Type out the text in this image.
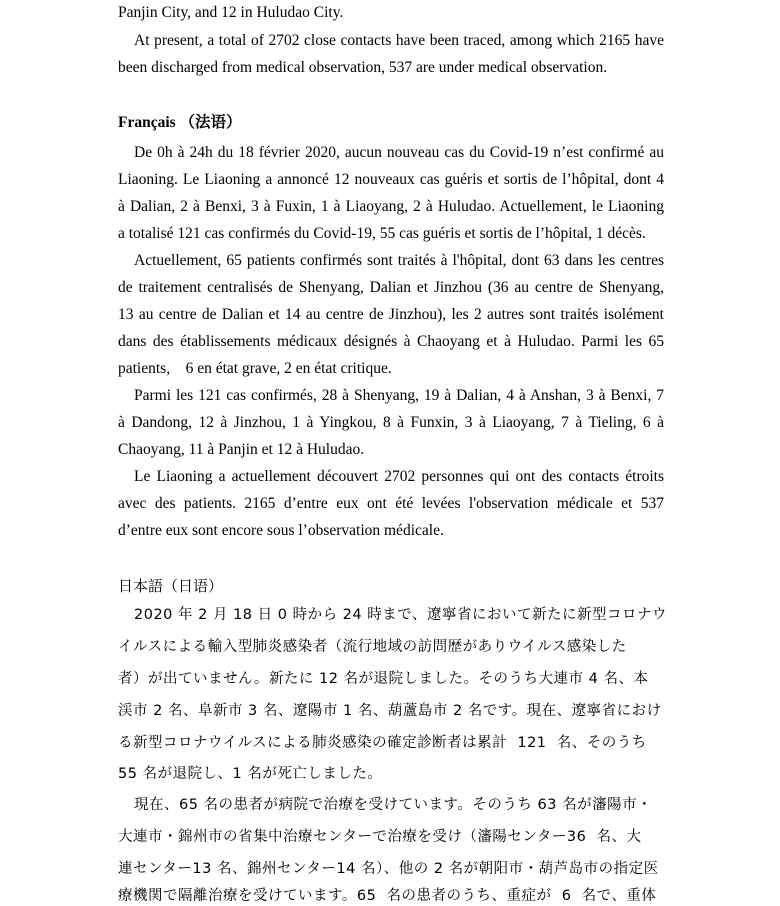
Panjin City, and 12 in Huludao City.
At present, a total of 2702 close contacts have been traced, among which 2165 have
been discharged from medical observation, 537 are under medical observation.
Français （法语）
De 0h à 24h du 18 février 2020, aucun nouveau cas du Covid-19 n’est confirmé au
Liaoning. Le Liaoning a annoncé 12 nouveaux cas guéris et sortis de l’hôpital, dont 4
à Dalian, 2 à Benxi, 3 à Fuxin, 1 à Liaoyang, 2 à Huludao. Actuellement, le Liaoning
a totalisé 121 cas confirmés du Covid-19, 55 cas guéris et sortis de l’hôpital, 1 décès.
Actuellement, 65 patients confirmés sont traités à l'hôpital, dont 63 dans les centres
de traitement centralisés de Shenyang, Dalian et Jinzhou (36 au centre de Shenyang,
13 au centre de Dalian et 14 au centre de Jinzhou), les 2 autres sont traités isolément
dans des établissements médicaux désignés à Chaoyang et à Huludao. Parmi les 65
patients,    6 en état grave, 2 en état critique.
Parmi les 121 cas confirmés, 28 à Shenyang, 19 à Dalian, 4 à Anshan, 3 à Benxi, 7
à Dandong, 12 à Jinzhou, 1 à Yingkou, 8 à Funxin, 3 à Liaoyang, 7 à Tieling, 6 à
Chaoyang, 11 à Panjin et 12 à Huludao.
Le Liaoning a actuellement découvert 2702 personnes qui ont des contacts étroits
avec des patients. 2165 d’entre eux ont été levées l'observation médicale et 537
d’entre eux sont encore sous l’observation médicale.
日本語（日语）
2020 年 2 月 18 日 0 時から 24 時まで、遼寧省において新たに新型コロナウ
イルスによる輸入型肺炎感染者（流行地域の訪問歴がありウイルス感染した
者）が出ていません。新たに 12 名が退院しました。そのうち大連市 4 名、本
渓市 2 名、阜新市 3 名、遼陽市 1 名、葫蘆島市 2 名です。現在、遼寧省におけ
る新型コロナウイルスによる肺炎感染の確定診断者は累計  121  名、そのうち
55 名が退院し、1 名が死亡しました。
現在、65 名の患者が病院で治療を受けています。そのうち 63 名が瀋陽市・
大連市・錦州市の省集中治療センターで治療を受け（瀋陽センター36  名、大
連センター13 名、錦州センター14 名）、他の 2 名が朝阳市・葫芦岛市の指定医
療機関で隔離治療を受けています。65  名の患者のうち、重症が  6  名で、重体
